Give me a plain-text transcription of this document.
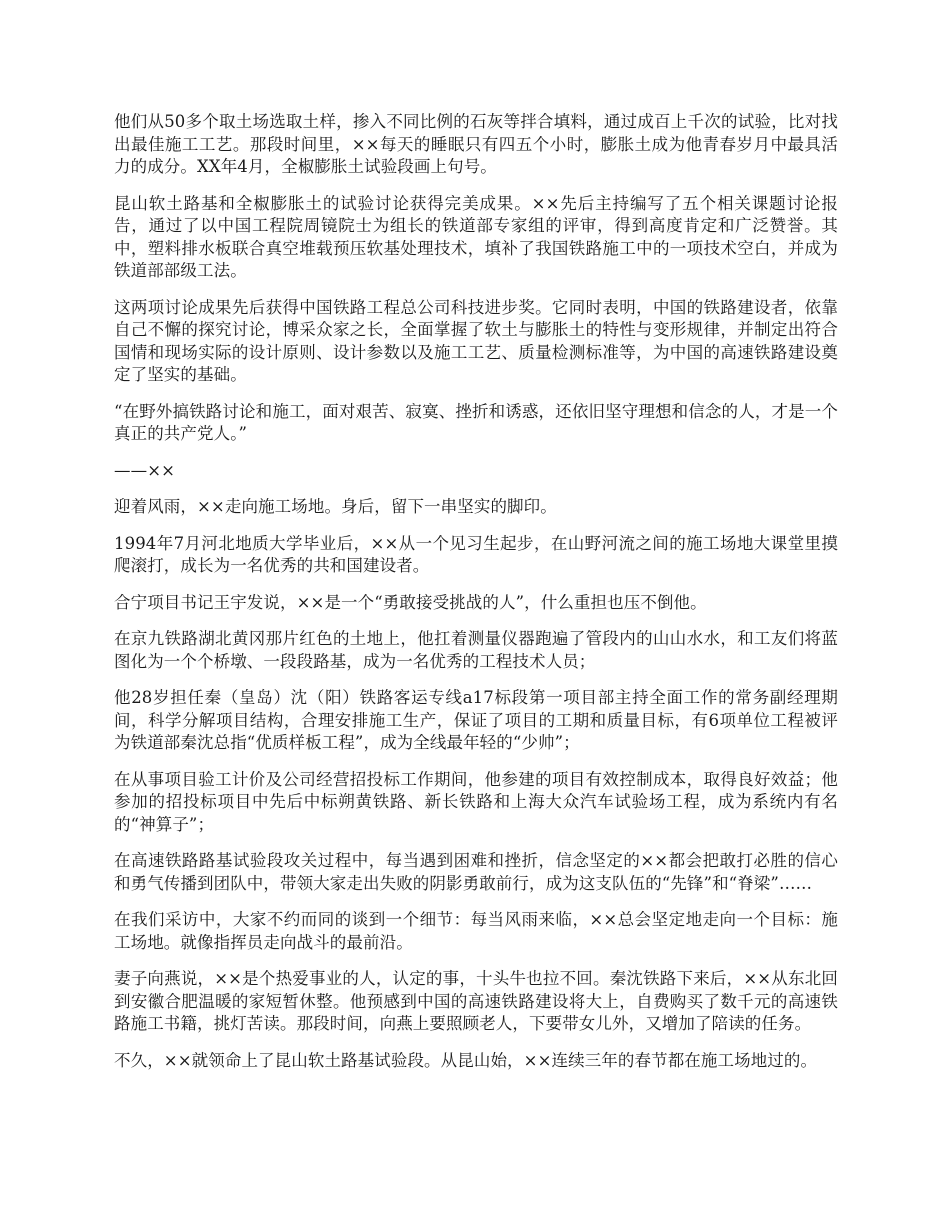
他们从50多个取土场选取土样，掺入不同比例的石灰等拌合填料，通过成百上千次的试验，比对找出最佳施工工艺。那段时间里，××每天的睡眠只有四五个小时，膨胀土成为他青春岁月中最具活力的成分。XX年4月，全椒膨胀土试验段画上句号。

昆山软土路基和全椒膨胀土的试验讨论获得完美成果。××先后主持编写了五个相关课题讨论报告，通过了以中国工程院周镜院士为组长的铁道部专家组的评审，得到高度肯定和广泛赞誉。其中，塑料排水板联合真空堆载预压软基处理技术，填补了我国铁路施工中的一项技术空白，并成为铁道部部级工法。

这两项讨论成果先后获得中国铁路工程总公司科技进步奖。它同时表明，中国的铁路建设者，依靠自己不懈的探究讨论，博采众家之长，全面掌握了软土与膨胀土的特性与变形规律，并制定出符合国情和现场实际的设计原则、设计参数以及施工工艺、质量检测标准等，为中国的高速铁路建设奠定了坚实的基础。

“在野外搞铁路讨论和施工，面对艰苦、寂寞、挫折和诱惑，还依旧坚守理想和信念的人，才是一个真正的共产党人。”

——××

迎着风雨，××走向施工场地。身后，留下一串坚实的脚印。

1994年7月河北地质大学毕业后，××从一个见习生起步，在山野河流之间的施工场地大课堂里摸爬滚打，成长为一名优秀的共和国建设者。

合宁项目书记王宇发说，××是一个“勇敢接受挑战的人”，什么重担也压不倒他。

在京九铁路湖北黄冈那片红色的土地上，他扛着测量仪器跑遍了管段内的山山水水，和工友们将蓝图化为一个个桥墩、一段段路基，成为一名优秀的工程技术人员；

他28岁担任秦（皇岛）沈（阳）铁路客运专线a17标段第一项目部主持全面工作的常务副经理期间，科学分解项目结构，合理安排施工生产，保证了项目的工期和质量目标，有6项单位工程被评为铁道部秦沈总指“优质样板工程”，成为全线最年轻的“少帅”；

在从事项目验工计价及公司经营招投标工作期间，他参建的项目有效控制成本，取得良好效益；他参加的招投标项目中先后中标朔黄铁路、新长铁路和上海大众汽车试验场工程，成为系统内有名的“神算子”；

在高速铁路路基试验段攻关过程中，每当遇到困难和挫折，信念坚定的××都会把敢打必胜的信心和勇气传播到团队中，带领大家走出失败的阴影勇敢前行，成为这支队伍的“先锋”和“脊梁”……

在我们采访中，大家不约而同的谈到一个细节：每当风雨来临，××总会坚定地走向一个目标：施工场地。就像指挥员走向战斗的最前沿。

妻子向燕说，××是个热爱事业的人，认定的事，十头牛也拉不回。秦沈铁路下来后，××从东北回到安徽合肥温暖的家短暂休整。他预感到中国的高速铁路建设将大上，自费购买了数千元的高速铁路施工书籍，挑灯苦读。那段时间，向燕上要照顾老人，下要带女儿外，又增加了陪读的任务。

不久，××就领命上了昆山软土路基试验段。从昆山始，××连续三年的春节都在施工场地过的。
